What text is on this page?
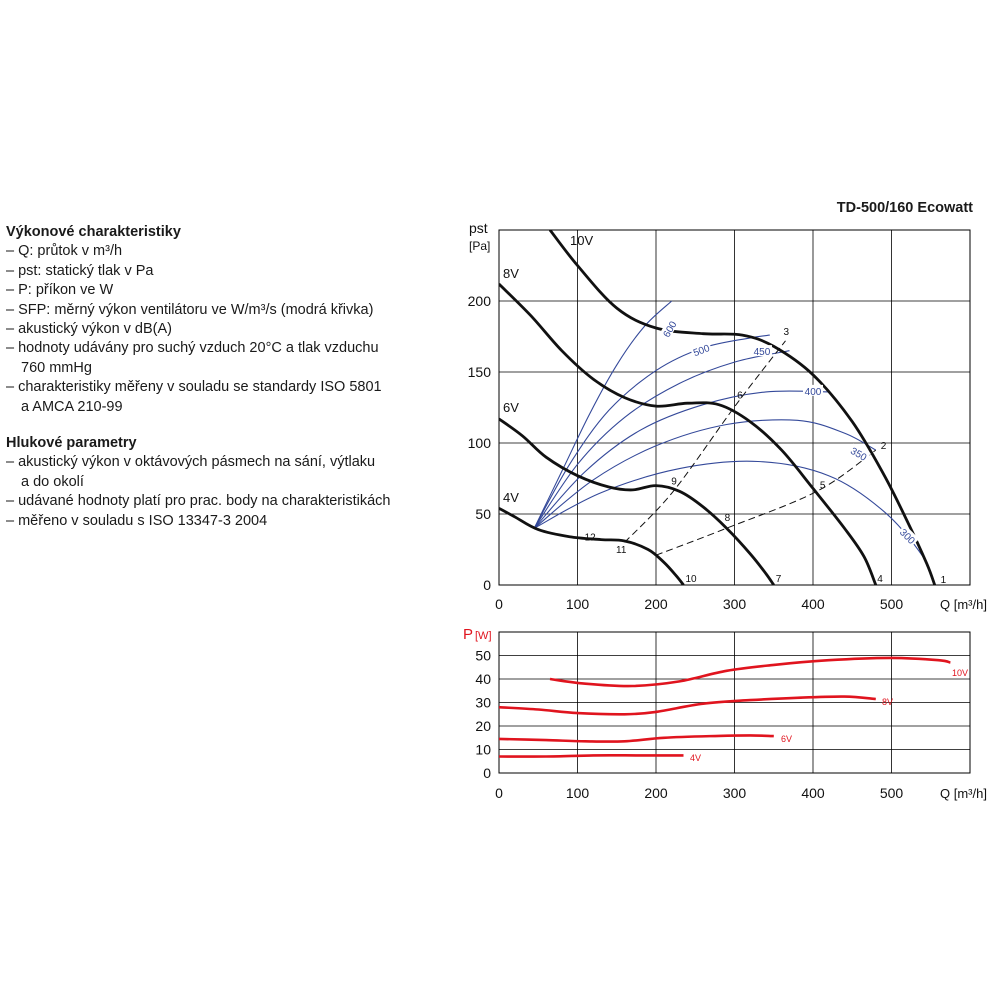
Výkonové charakteristiky
– Q: průtok v m³/h
– pst: statický tlak v Pa
– P: příkon ve W
– SFP: měrný výkon ventilátoru ve W/m³/s (modrá křivka)
– akustický výkon v dB(A)
– hodnoty udávány pro suchý vzduch 20°C a tlak vzduchu
760 mmHg
– charakteristiky měřeny v souladu se standardy ISO 5801
a AMCA 210-99
Hlukové parametry
– akustický výkon v oktávových pásmech na sání, výtlaku
a do okolí
– udávané hodnoty platí pro prac. body na charakteristikách
– měřeno v souladu s ISO 13347-3 2004
TD-500/160 Ecowatt
0	100	200	300	400	500
0
50
100
150
200
pst
[Pa]
Q [m³/h]
600
500	450
400
350
300
1
2
3
4
5
6
7
8
9
10
11
12
10V
8V
6V
4V
0	100	200	300	400	500
0
10
20
30
40
50
P [W]
Q [m³/h]
10V
8V
6V
4V
